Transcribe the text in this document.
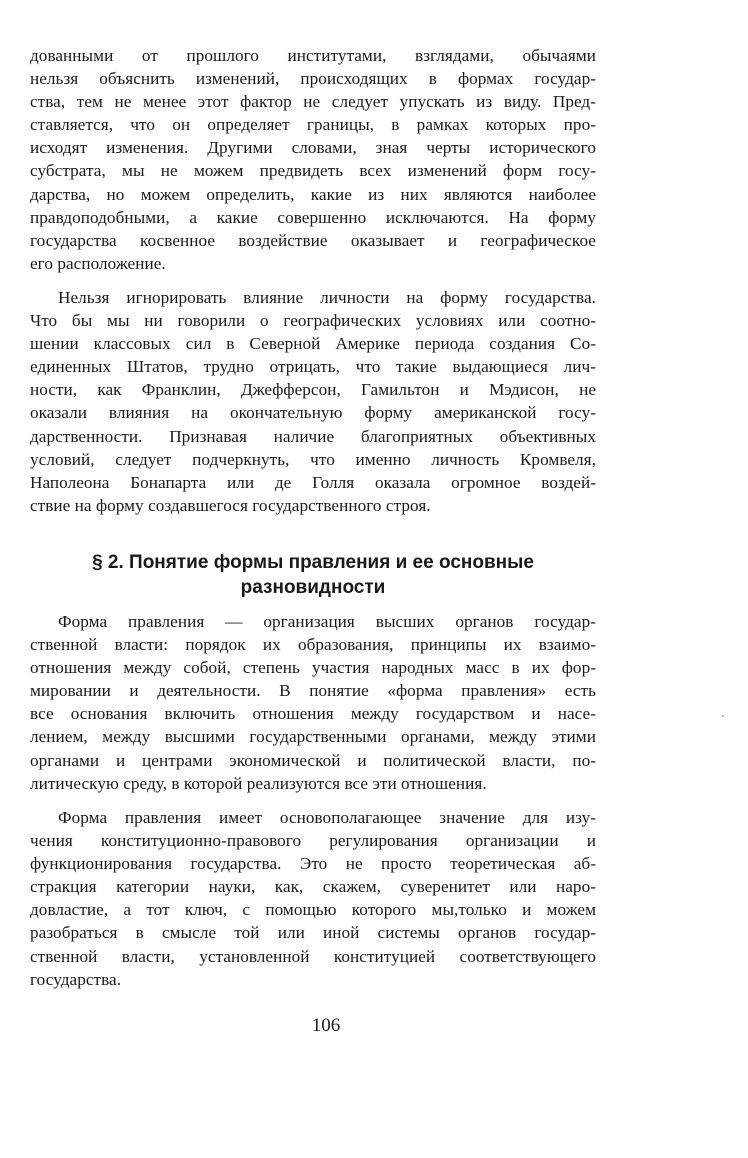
дованными от прошлого институтами, взглядами, обычаями
нельзя объяснить изменений, происходящих в формах государ-
ства, тем не менее этот фактор не следует упускать из виду. Пред-
ставляется, что он определяет границы, в рамках которых про-
исходят изменения. Другими словами, зная черты исторического
субстрата, мы не можем предвидеть всех изменений форм госу-
дарства, но можем определить, какие из них являются наиболее
правдоподобными, а какие совершенно исключаются. На форму
государства косвенное воздействие оказывает и географическое
его расположение.
Нельзя игнорировать влияние личности на форму государства.
Что бы мы ни говорили о географических условиях или соотно-
шении классовых сил в Северной Америке периода создания Со-
единенных Штатов, трудно отрицать, что такие выдающиеся лич-
ности, как Франклин, Джефферсон, Гамильтон и Мэдисон, не
оказали влияния на окончательную форму американской госу-
дарственности. Признавая наличие благоприятных объективных
условий, следует подчеркнуть, что именно личность Кромвеля,
Наполеона Бонапарта или де Голля оказала огромное воздей-
ствие на форму создавшегося государственного строя.
§ 2. Понятие формы правления и ее основные
разновидности
Форма правления — организация высших органов государ-
ственной власти: порядок их образования, принципы их взаимо-
отношения между собой, степень участия народных масс в их фор-
мировании и деятельности. В понятие «форма правления» есть
все основания включить отношения между государством и насе-
лением, между высшими государственными органами, между этими
органами и центрами экономической и политической власти, по-
литическую среду, в которой реализуются все эти отношения.
Форма правления имеет основополагающее значение для изу-
чения конституционно-правового регулирования организации и
функционирования государства. Это не просто теоретическая аб-
стракция категории науки, как, скажем, суверенитет или наро-
довластие, а тот ключ, с помощью которого мы,только и можем
разобраться в смысле той или иной системы органов государ-
ственной власти, установленной конституцией соответствующего
государства.
106
